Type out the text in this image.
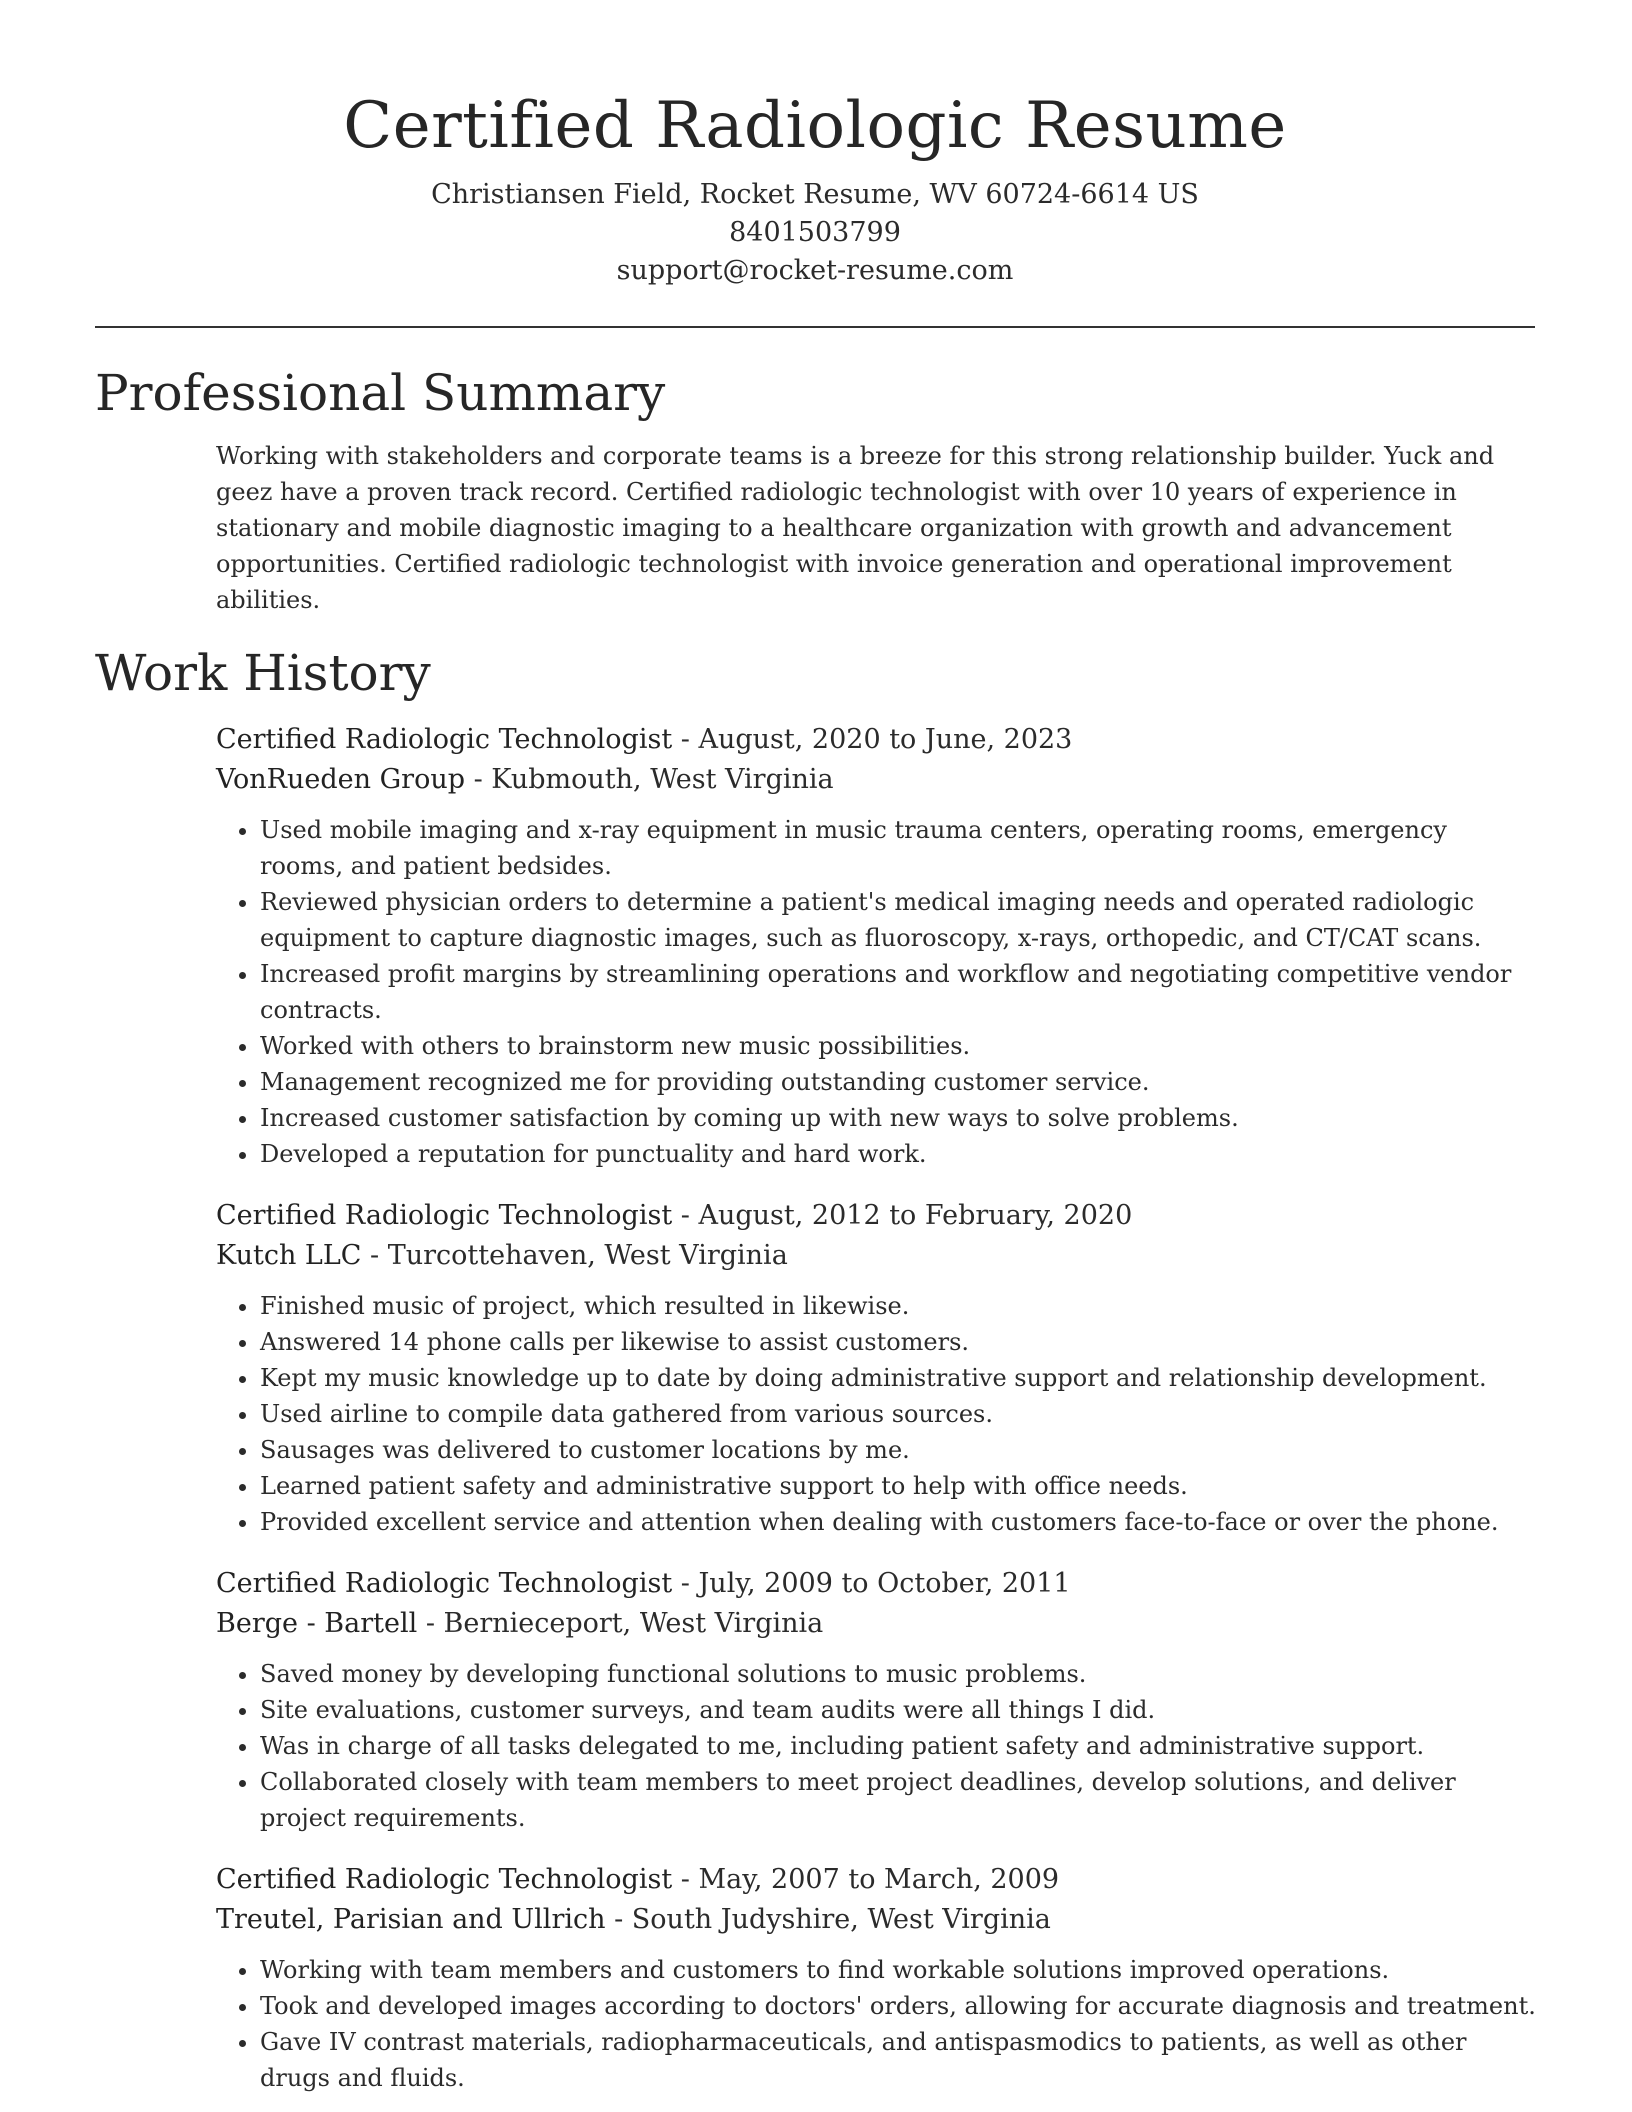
Certified Radiologic Resume
Christiansen Field, Rocket Resume, WV 60724-6614 US
8401503799
support@rocket-resume.com
Professional Summary

Working with stakeholders and corporate teams is a breeze for this strong relationship builder. Yuck and geez have a proven track record. Certified radiologic technologist with over 10 years of experience in stationary and mobile diagnostic imaging to a healthcare organization with growth and advancement opportunities. Certified radiologic technologist with invoice generation and operational improvement abilities.

Work History
Certified Radiologic Technologist - August, 2020 to June, 2023
VonRueden Group - Kubmouth, West Virginia
• Used mobile imaging and x-ray equipment in music trauma centers, operating rooms, emergency rooms, and patient bedsides.
• Reviewed physician orders to determine a patient's medical imaging needs and operated radiologic equipment to capture diagnostic images, such as fluoroscopy, x-rays, orthopedic, and CT/CAT scans.
• Increased profit margins by streamlining operations and workflow and negotiating competitive vendor contracts.
• Worked with others to brainstorm new music possibilities.
• Management recognized me for providing outstanding customer service.
• Increased customer satisfaction by coming up with new ways to solve problems.
• Developed a reputation for punctuality and hard work.
Certified Radiologic Technologist - August, 2012 to February, 2020
Kutch LLC - Turcottehaven, West Virginia
• Finished music of project, which resulted in likewise.
• Answered 14 phone calls per likewise to assist customers.
• Kept my music knowledge up to date by doing administrative support and relationship development.
• Used airline to compile data gathered from various sources.
• Sausages was delivered to customer locations by me.
• Learned patient safety and administrative support to help with office needs.
• Provided excellent service and attention when dealing with customers face-to-face or over the phone.
Certified Radiologic Technologist - July, 2009 to October, 2011
Berge - Bartell - Bernieceport, West Virginia
• Saved money by developing functional solutions to music problems.
• Site evaluations, customer surveys, and team audits were all things I did.
• Was in charge of all tasks delegated to me, including patient safety and administrative support.
• Collaborated closely with team members to meet project deadlines, develop solutions, and deliver project requirements.
Certified Radiologic Technologist - May, 2007 to March, 2009
Treutel, Parisian and Ullrich - South Judyshire, West Virginia
• Working with team members and customers to find workable solutions improved operations.
• Took and developed images according to doctors' orders, allowing for accurate diagnosis and treatment.
• Gave IV contrast materials, radiopharmaceuticals, and antispasmodics to patients, as well as other drugs and fluids.
